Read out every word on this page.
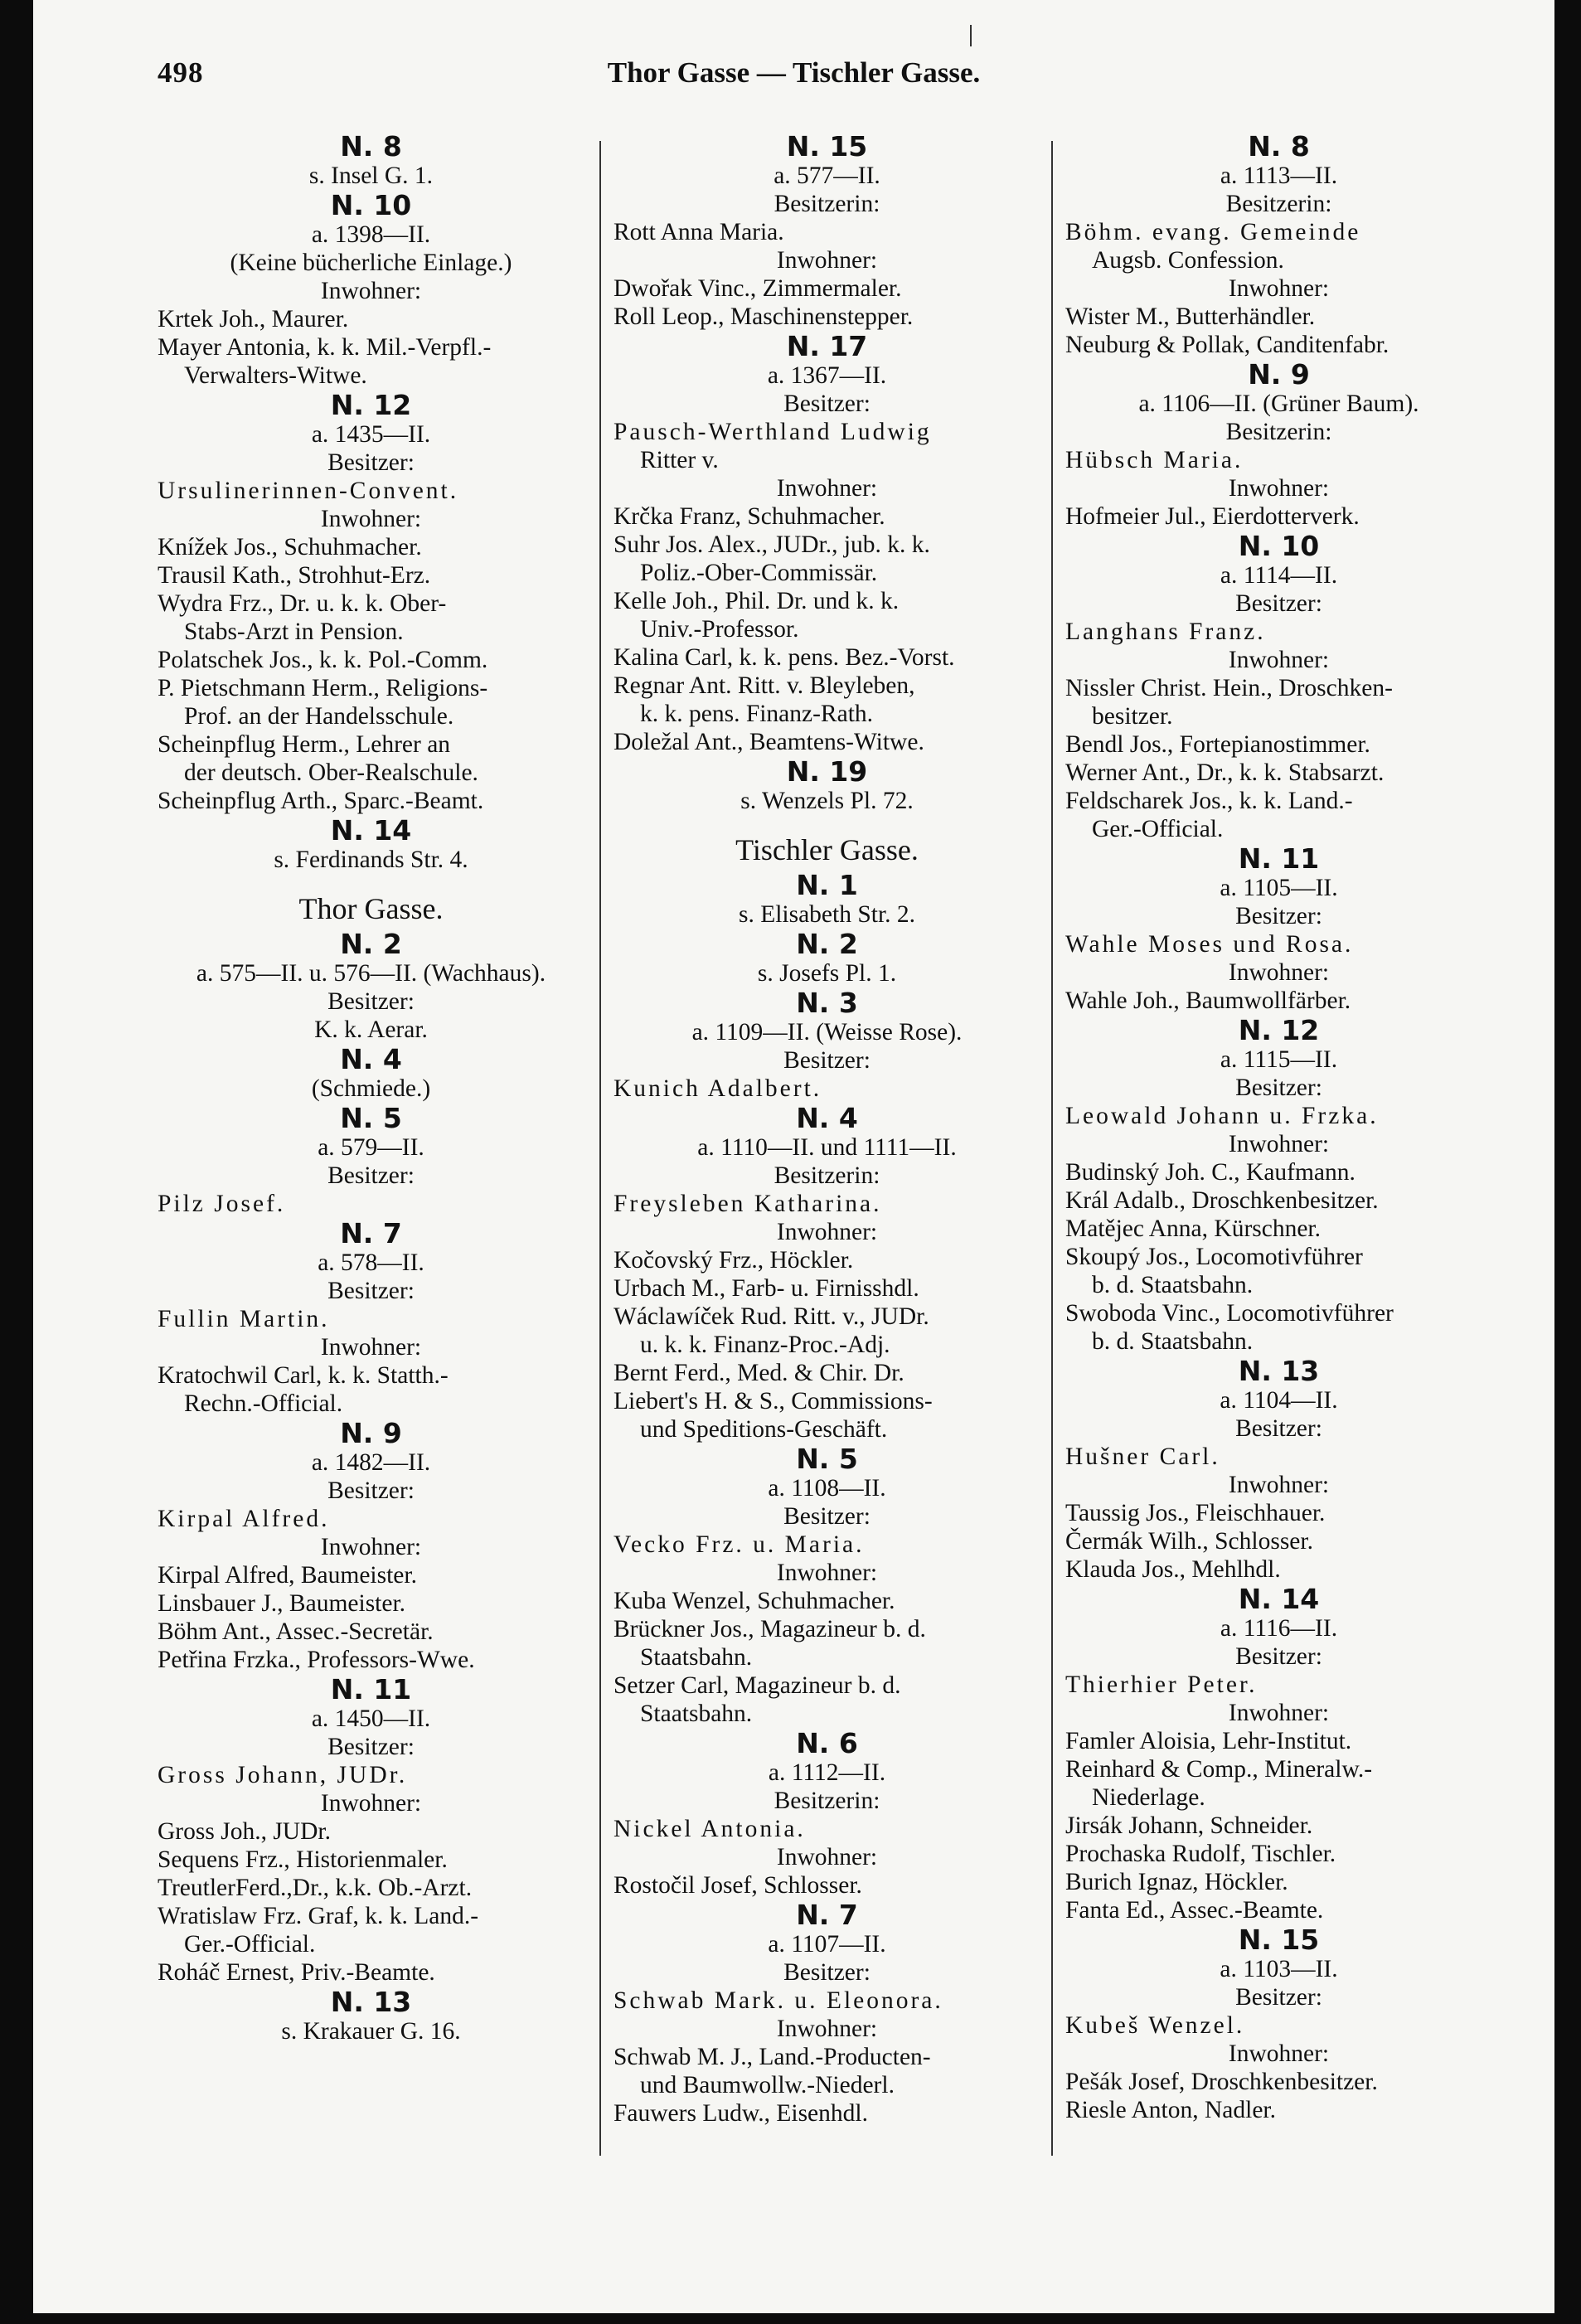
498	Thor Gasse — Tischler Gasse.
N. 8
s. Insel G. 1.
N. 10
a. 1398—II.
(Keine bücherliche Einlage.)
Inwohner:
Krtek Joh., Maurer.
Mayer Antonia, k. k. Mil.-Verpfl.-
Verwalters-Witwe.
N. 12
a. 1435—II.
Besitzer:
Ursulinerinnen-Convent.
Inwohner:
Knížek Jos., Schuhmacher.
Trausil Kath., Strohhut-Erz.
Wydra Frz., Dr. u. k. k. Ober-
Stabs-Arzt in Pension.
Polatschek Jos., k. k. Pol.-Comm.
P. Pietschmann Herm., Religions-
Prof. an der Handelsschule.
Scheinpflug Herm., Lehrer an
der deutsch. Ober-Realschule.
Scheinpflug Arth., Sparc.-Beamt.
N. 14
s. Ferdinands Str. 4.
Thor Gasse.
N. 2
a. 575—II. u. 576—II. (Wachhaus).
Besitzer:
K. k. Aerar.
N. 4
(Schmiede.)
N. 5
a. 579—II.
Besitzer:
Pilz Josef.
N. 7
a. 578—II.
Besitzer:
Fullin Martin.
Inwohner:
Kratochwil Carl, k. k. Statth.-
Rechn.-Official.
N. 9
a. 1482—II.
Besitzer:
Kirpal Alfred.
Inwohner:
Kirpal Alfred, Baumeister.
Linsbauer J., Baumeister.
Böhm Ant., Assec.-Secretär.
Petřina Frzka., Professors-Wwe.
N. 11
a. 1450—II.
Besitzer:
Gross Johann, JUDr.
Inwohner:
Gross Joh., JUDr.
Sequens Frz., Historienmaler.
TreutlerFerd.,Dr., k.k. Ob.-Arzt.
Wratislaw Frz. Graf, k. k. Land.-
Ger.-Official.
Roháč Ernest, Priv.-Beamte.
N. 13
s. Krakauer G. 16.
N. 15
a. 577—II.
Besitzerin:
Rott Anna Maria.
Inwohner:
Dwořak Vinc., Zimmermaler.
Roll Leop., Maschinenstepper.
N. 17
a. 1367—II.
Besitzer:
Pausch-Werthland Ludwig
Ritter v.
Inwohner:
Krčka Franz, Schuhmacher.
Suhr Jos. Alex., JUDr., jub. k. k.
Poliz.-Ober-Commissär.
Kelle Joh., Phil. Dr. und k. k.
Univ.-Professor.
Kalina Carl, k. k. pens. Bez.-Vorst.
Regnar Ant. Ritt. v. Bleyleben,
k. k. pens. Finanz-Rath.
Doležal Ant., Beamtens-Witwe.
N. 19
s. Wenzels Pl. 72.
Tischler Gasse.
N. 1
s. Elisabeth Str. 2.
N. 2
s. Josefs Pl. 1.
N. 3
a. 1109—II. (Weisse Rose).
Besitzer:
Kunich Adalbert.
N. 4
a. 1110—II. und 1111—II.
Besitzerin:
Freysleben Katharina.
Inwohner:
Kočovský Frz., Höckler.
Urbach M., Farb- u. Firnisshdl.
Wáclawíček Rud. Ritt. v., JUDr.
u. k. k. Finanz-Proc.-Adj.
Bernt Ferd., Med. & Chir. Dr.
Liebert's H. & S., Commissions-
und Speditions-Geschäft.
N. 5
a. 1108—II.
Besitzer:
Vecko Frz. u. Maria.
Inwohner:
Kuba Wenzel, Schuhmacher.
Brückner Jos., Magazineur b. d.
Staatsbahn.
Setzer Carl, Magazineur b. d.
Staatsbahn.
N. 6
a. 1112—II.
Besitzerin:
Nickel Antonia.
Inwohner:
Rostočil Josef, Schlosser.
N. 7
a. 1107—II.
Besitzer:
Schwab Mark. u. Eleonora.
Inwohner:
Schwab M. J., Land.-Producten-
und Baumwollw.-Niederl.
Fauwers Ludw., Eisenhdl.
N. 8
a. 1113—II.
Besitzerin:
Böhm. evang. Gemeinde
Augsb. Confession.
Inwohner:
Wister M., Butterhändler.
Neuburg & Pollak, Canditenfabr.
N. 9
a. 1106—II. (Grüner Baum).
Besitzerin:
Hübsch Maria.
Inwohner:
Hofmeier Jul., Eierdotterverk.
N. 10
a. 1114—II.
Besitzer:
Langhans Franz.
Inwohner:
Nissler Christ. Hein., Droschken-
besitzer.
Bendl Jos., Fortepianostimmer.
Werner Ant., Dr., k. k. Stabsarzt.
Feldscharek Jos., k. k. Land.-
Ger.-Official.
N. 11
a. 1105—II.
Besitzer:
Wahle Moses und Rosa.
Inwohner:
Wahle Joh., Baumwollfärber.
N. 12
a. 1115—II.
Besitzer:
Leowald Johann u. Frzka.
Inwohner:
Budinský Joh. C., Kaufmann.
Král Adalb., Droschkenbesitzer.
Matějec Anna, Kürschner.
Skoupý Jos., Locomotivführer
b. d. Staatsbahn.
Swoboda Vinc., Locomotivführer
b. d. Staatsbahn.
N. 13
a. 1104—II.
Besitzer:
Hušner Carl.
Inwohner:
Taussig Jos., Fleischhauer.
Čermák Wilh., Schlosser.
Klauda Jos., Mehlhdl.
N. 14
a. 1116—II.
Besitzer:
Thierhier Peter.
Inwohner:
Famler Aloisia, Lehr-Institut.
Reinhard & Comp., Mineralw.-
Niederlage.
Jirsák Johann, Schneider.
Prochaska Rudolf, Tischler.
Burich Ignaz, Höckler.
Fanta Ed., Assec.-Beamte.
N. 15
a. 1103—II.
Besitzer:
Kubeš Wenzel.
Inwohner:
Pešák Josef, Droschkenbesitzer.
Riesle Anton, Nadler.
